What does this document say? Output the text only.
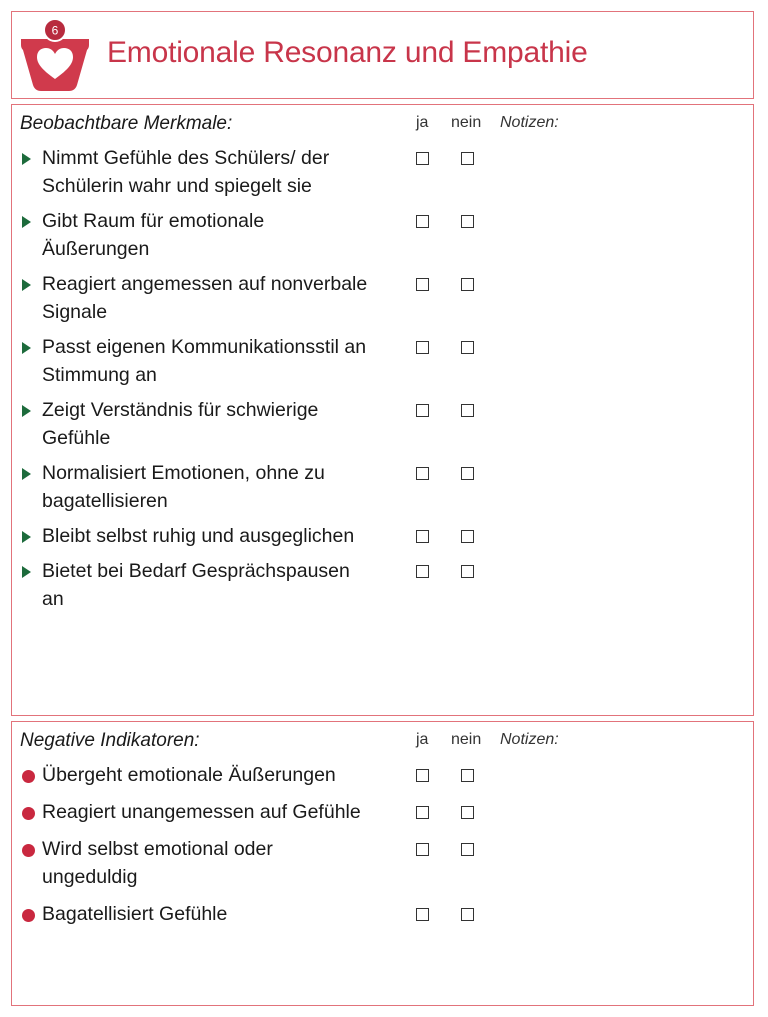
6
Emotionale Resonanz und Empathie
Beobachtbare Merkmale:	ja nein Notizen:
Negative Indikatoren:	ja nein Notizen:
Nimmt Gefühle des Schülers/ der
Schülerin wahr und spiegelt sie
Gibt Raum für emotionale
Äußerungen
Reagiert angemessen auf nonverbale
Signale
Passt eigenen Kommunikationsstil an
Stimmung an
Zeigt Verständnis für schwierige
Gefühle
Normalisiert Emotionen, ohne zu
bagatellisieren
Bleibt selbst ruhig und ausgeglichen
Bietet bei Bedarf Gesprächspausen
an
Übergeht emotionale Äußerungen
Reagiert unangemessen auf Gefühle
Wird selbst emotional oder
ungeduldig
Bagatellisiert Gefühle
